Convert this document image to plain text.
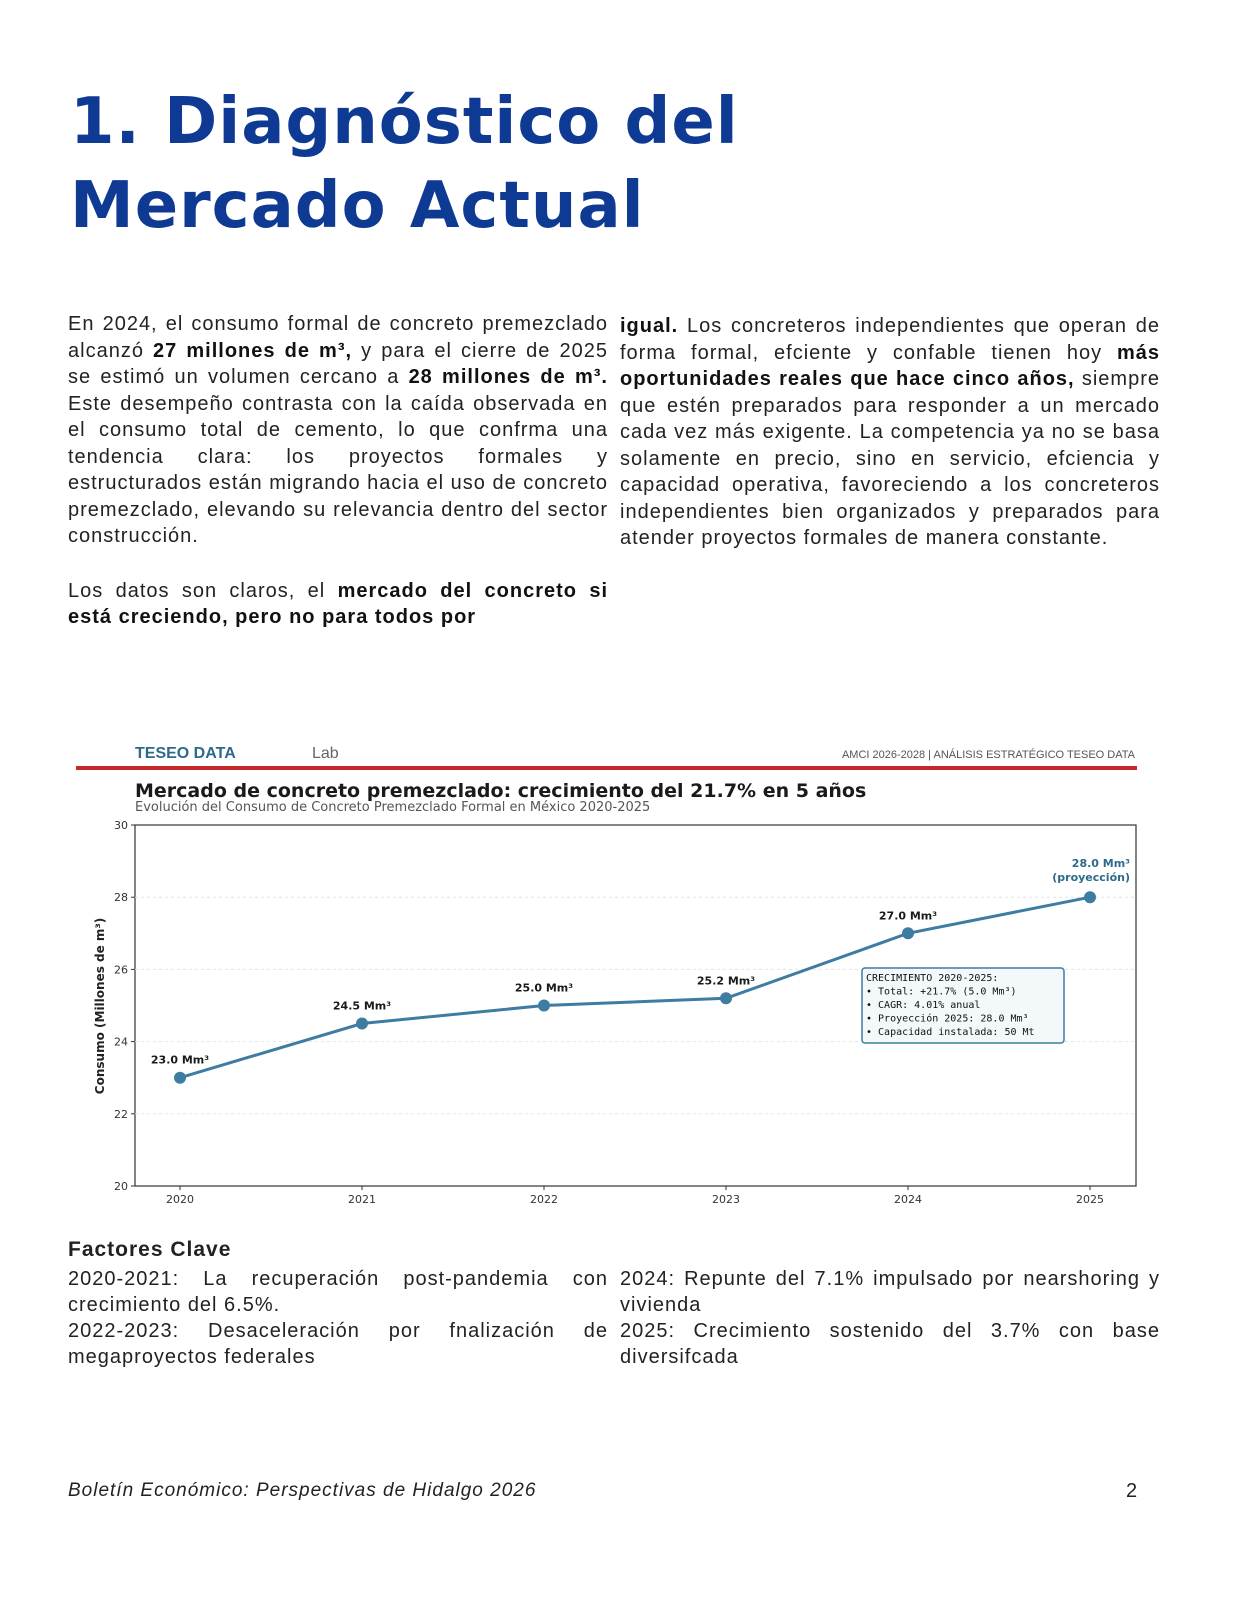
1. Diagnóstico del
Mercado Actual

En 2024, el consumo formal de concreto premezclado alcanzó 27 millones de m³, y para el cierre de 2025 se estimó un volumen cercano a 28 millones de m³. Este desempeño contrasta con la caída observada en el consumo total de cemento, lo que confrma una tendencia clara: los proyectos formales y estructurados están migrando hacia el uso de concreto premezclado, elevando su relevancia dentro del sector construcción.

Los datos son claros, el mercado del concreto si está creciendo, pero no para todos por

igual. Los concreteros independientes que operan de forma formal, efciente y confable tienen hoy más oportunidades reales que hace cinco años, siempre que estén preparados para responder a un mercado cada vez más exigente. La competencia ya no se basa solamente en precio, sino en servicio, efciencia y capacidad operativa, favoreciendo a los concreteros independientes bien organizados y preparados para atender proyectos formales de manera constante.

TESEO DATA	Lab	AMCI 2026-2028 | ANÁLISIS ESTRATÉGICO TESEO DATA
Mercado de concreto premezclado: crecimiento del 21.7% en 5 años
Evolución del Consumo de Concreto Premezclado Formal en México 2020-2025
20
22
24
26
28
30
2020	2021	2022	2023	2024	2025
Consumo (Millones de m³)	23.0 Mm³
24.5 Mm³
25.0 Mm³
25.2 Mm³
27.0 Mm³
28.0 Mm³
(proyección)
CRECIMIENTO 2020-2025:
• Total: +21.7% (5.0 Mm³)
• CAGR: 4.01% anual
• Proyección 2025: 28.0 Mm³
• Capacidad instalada: 50 Mt

Factores Clave

2020-2021: La recuperación post-pandemia con crecimiento del 6.5%.

2022-2023: Desaceleración por fnalización de megaproyectos federales

2024: Repunte del 7.1% impulsado por nearshoring y vivienda

2025: Crecimiento sostenido del 3.7% con base diversifcada

Boletín Económico: Perspectivas de Hidalgo 2026	2
